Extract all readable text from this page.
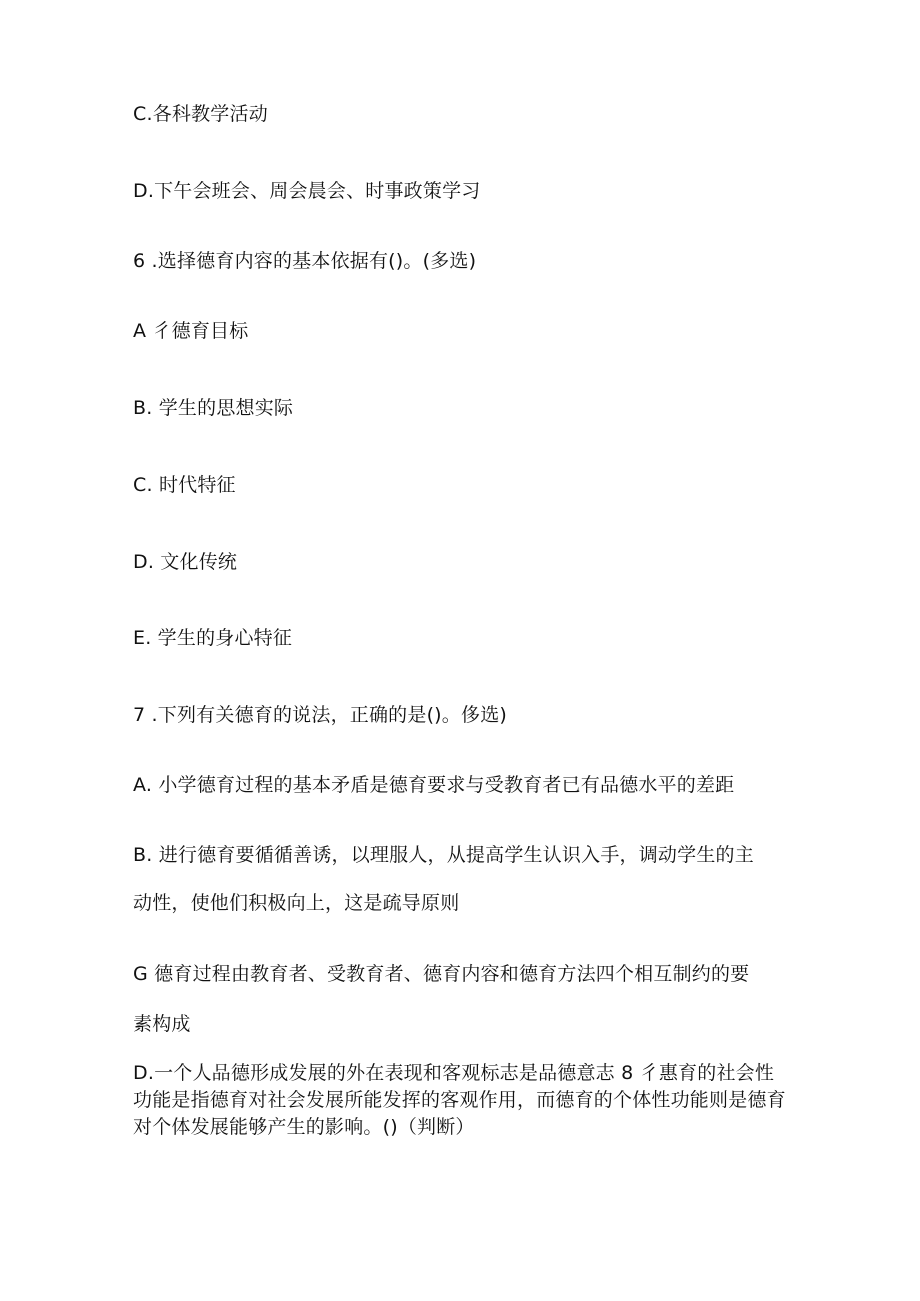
C.各科教学活动
D.下午会班会、周会晨会、时事政策学习
6 .选择德育内容的基本依据有()。(多选)
A 彳德育目标
B. 学生的思想实际
C. 时代特征
D. 文化传统
E. 学生的身心特征
7 .下列有关德育的说法，正确的是()。侈选)
A. 小学德育过程的基本矛盾是德育要求与受教育者已有品德水平的差距
B. 进行德育要循循善诱，以理服人，从提高学生认识入手，调动学生的主
动性，使他们积极向上，这是疏导原则
G 德育过程由教育者、受教育者、德育内容和德育方法四个相互制约的要
素构成
D.一个人品德形成发展的外在表现和客观标志是品德意志 8 彳惠育的社会性功能是指德育对社会发展所能发挥的客观作用，而德育的个体性功能则是德育对个体发展能够产生的影响。()（判断）
